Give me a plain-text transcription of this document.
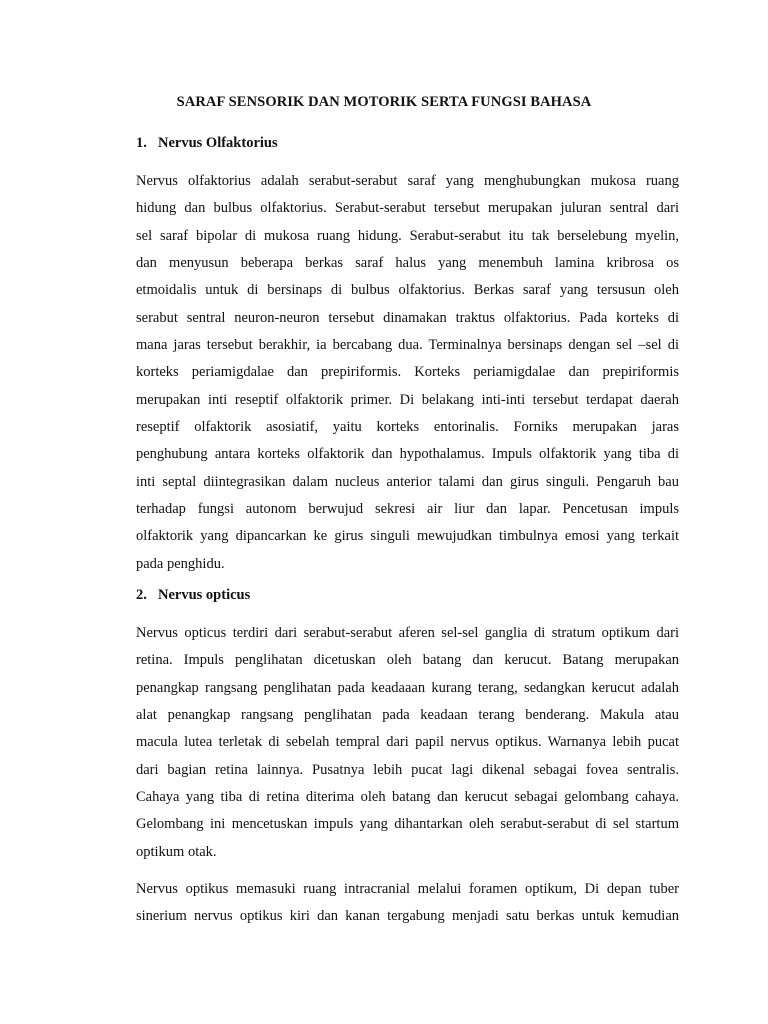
SARAF SENSORIK DAN MOTORIK SERTA FUNGSI BAHASA
1. Nervus Olfaktorius
Nervus olfaktorius adalah serabut-serabut saraf yang menghubungkan mukosa ruang
hidung dan bulbus olfaktorius. Serabut-serabut tersebut merupakan juluran sentral dari
sel saraf bipolar di mukosa ruang hidung. Serabut-serabut itu tak berselebung myelin,
dan menyusun beberapa berkas saraf halus yang menembuh lamina kribrosa os
etmoidalis untuk di bersinaps di bulbus olfaktorius. Berkas saraf yang tersusun oleh
serabut sentral neuron-neuron tersebut dinamakan traktus olfaktorius. Pada korteks di
mana jaras tersebut berakhir, ia bercabang dua. Terminalnya bersinaps dengan sel –sel di
korteks periamigdalae dan prepiriformis. Korteks periamigdalae dan prepiriformis
merupakan inti reseptif olfaktorik primer. Di belakang inti-inti tersebut terdapat daerah
reseptif olfaktorik asosiatif, yaitu korteks entorinalis. Forniks merupakan jaras
penghubung antara korteks olfaktorik dan hypothalamus. Impuls olfaktorik yang tiba di
inti septal diintegrasikan dalam nucleus anterior talami dan girus singuli. Pengaruh bau
terhadap fungsi autonom berwujud sekresi air liur dan lapar. Pencetusan impuls
olfaktorik yang dipancarkan ke girus singuli mewujudkan timbulnya emosi yang terkait
pada penghidu.
2. Nervus opticus
Nervus opticus terdiri dari serabut-serabut aferen sel-sel ganglia di stratum optikum dari
retina. Impuls penglihatan dicetuskan oleh batang dan kerucut. Batang merupakan
penangkap rangsang penglihatan pada keadaaan kurang terang, sedangkan kerucut adalah
alat penangkap rangsang penglihatan pada keadaan terang benderang. Makula atau
macula lutea terletak di sebelah tempral dari papil nervus optikus. Warnanya lebih pucat
dari bagian retina lainnya. Pusatnya lebih pucat lagi dikenal sebagai fovea sentralis.
Cahaya yang tiba di retina diterima oleh batang dan kerucut sebagai gelombang cahaya.
Gelombang ini mencetuskan impuls yang dihantarkan oleh serabut-serabut di sel startum
optikum otak.
Nervus optikus memasuki ruang intracranial melalui foramen optikum, Di depan tuber
sinerium nervus optikus kiri dan kanan tergabung menjadi satu berkas untuk kemudian
